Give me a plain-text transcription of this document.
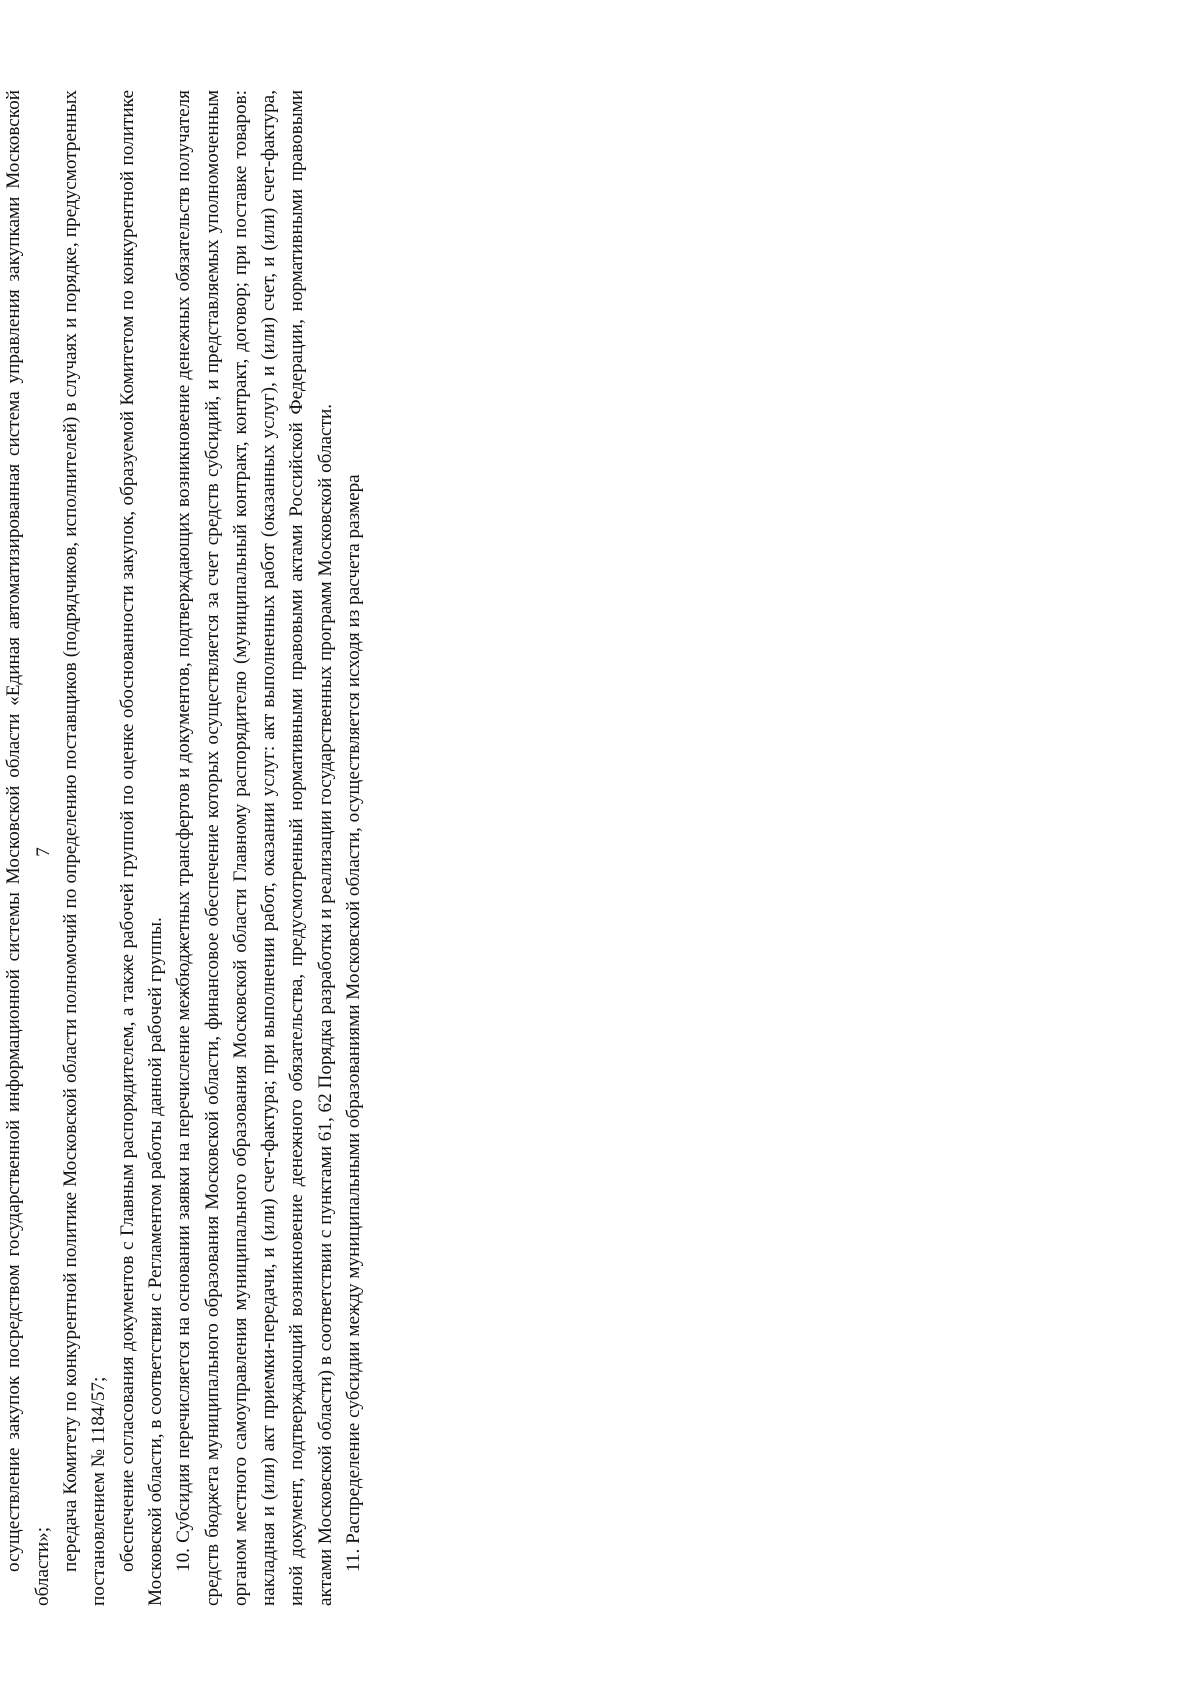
7

осуществление закупок посредством государственной информационной системы Московской области «Единая автоматизированная система управления закупками Московской области»; передача Комитету по конкурентной политике Московской области полномочий по определению поставщиков (подрядчиков, исполнителей) в случаях и порядке, предусмотренных постановлением № 1184/57; обеспечение согласования документов с Главным распорядителем, а также рабочей группой по оценке обоснованности закупок, образуемой Комитетом по конкурентной политике Московской области, в соответствии с Регламентом работы данной рабочей группы. 10. Субсидия перечисляется на основании заявки на перечисление межбюджетных трансфертов и документов, подтверждающих возникновение денежных обязательств получателя средств бюджета муниципального образования Московской области, финансовое обеспечение которых осуществляется за счет средств субсидий, и представляемых уполномоченным органом местного самоуправления муниципального образования Московской области Главному распорядителю (муниципальный контракт, контракт, договор; при поставке товаров: накладная и (или) акт приемки-передачи, и (или) счет-фактура; при выполнении работ, оказании услуг: акт выполненных работ (оказанных услуг), и (или) счет, и (или) счет-фактура, иной документ, подтверждающий возникновение денежного обязательства, предусмотренный нормативными правовыми актами Российской Федерации, нормативными правовыми актами Московской области) в соответствии с пунктами 61, 62 Порядка разработки и реализации государственных программ Московской области. 11. Распределение субсидии между муниципальными образованиями Московской области, осуществляется исходя из расчета размера
